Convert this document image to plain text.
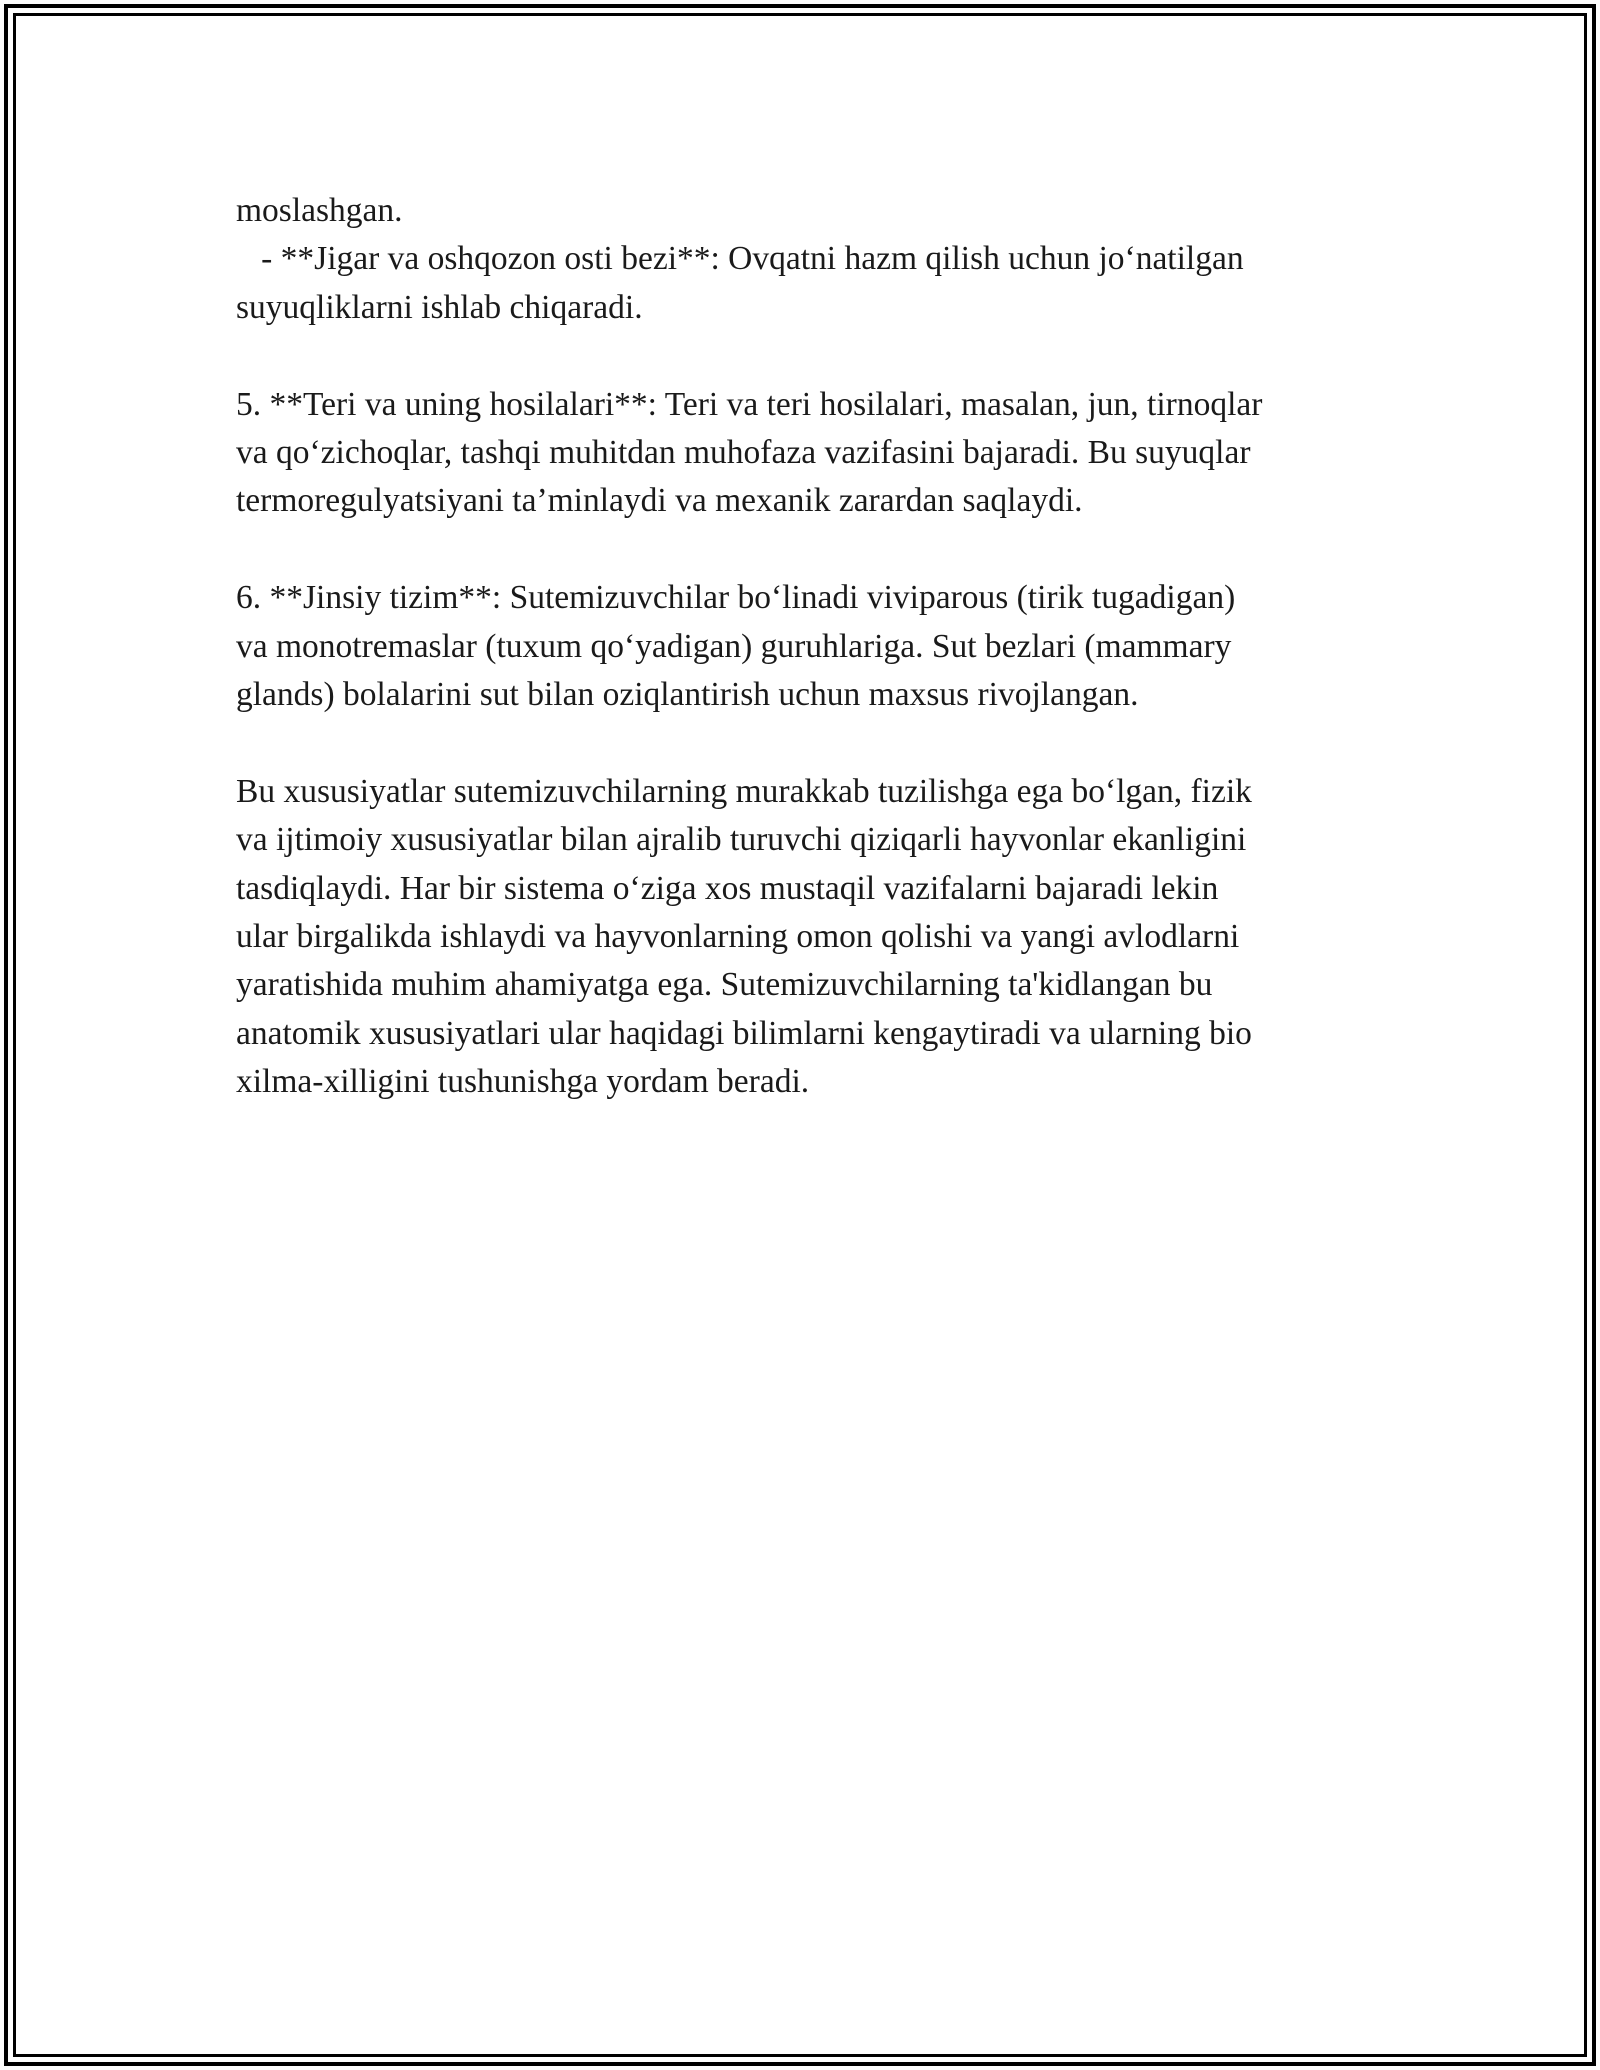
moslashgan.
- **Jigar va oshqozon osti bezi**: Ovqatni hazm qilish uchun jo‘natilgan
suyuqliklarni ishlab chiqaradi.

5. **Teri va uning hosilalari**: Teri va teri hosilalari, masalan, jun, tirnoqlar
va qo‘zichoqlar, tashqi muhitdan muhofaza vazifasini bajaradi. Bu suyuqlar
termoregulyatsiyani ta’minlaydi va mexanik zarardan saqlaydi.

6. **Jinsiy tizim**: Sutemizuvchilar bo‘linadi viviparous (tirik tugadigan)
va monotremaslar (tuxum qo‘yadigan) guruhlariga. Sut bezlari (mammary
glands) bolalarini sut bilan oziqlantirish uchun maxsus rivojlangan.

Bu xususiyatlar sutemizuvchilarning murakkab tuzilishga ega bo‘lgan, fizik
va ijtimoiy xususiyatlar bilan ajralib turuvchi qiziqarli hayvonlar ekanligini
tasdiqlaydi. Har bir sistema o‘ziga xos mustaqil vazifalarni bajaradi lekin
ular birgalikda ishlaydi va hayvonlarning omon qolishi va yangi avlodlarni
yaratishida muhim ahamiyatga ega. Sutemizuvchilarning ta'kidlangan bu
anatomik xususiyatlari ular haqidagi bilimlarni kengaytiradi va ularning bio
xilma-xilligini tushunishga yordam beradi.
